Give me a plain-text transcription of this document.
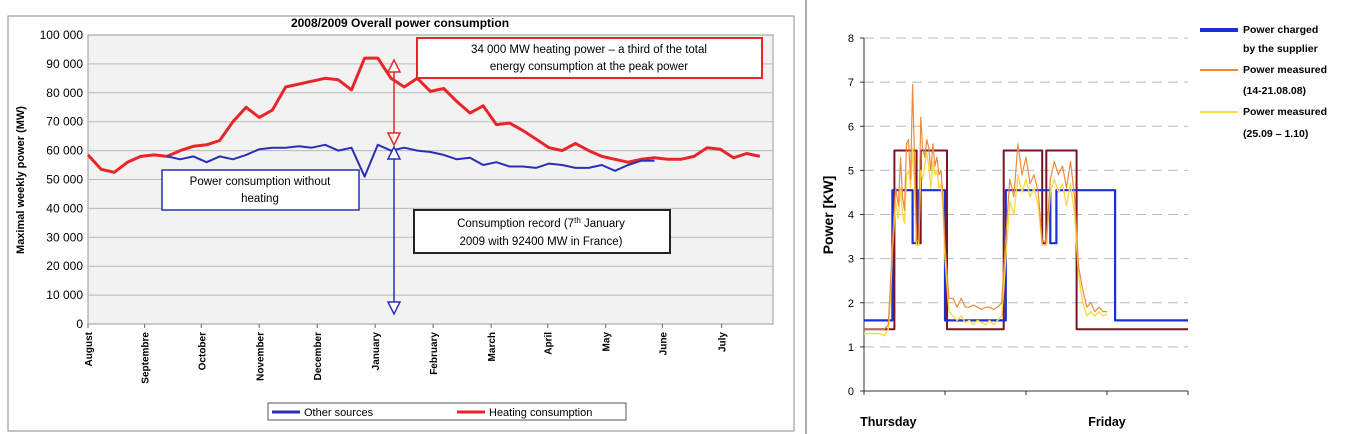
2008/2009 Overall power consumption
0
10 000
20 000
30 000
40 000
50 000
60 000
70 000
80 000
90 000
100 000
August	Septembre	October	November	December	January	February	March	April	May	June	July
Maximal weekly power (MW)
34 000 MW heating power – a third of the total
energy consumption at the peak power
Power consumption without
heating
Consumption record (7th January
2009 with 92400 MW in France)
Other sources	Heating consumption
0
1
2
3
4
5
6
7
8
Thursday	Friday
Power [KW]
Power charged
by the supplier
Power measured
(14-21.08.08)
Power measured
(25.09 – 1.10)
